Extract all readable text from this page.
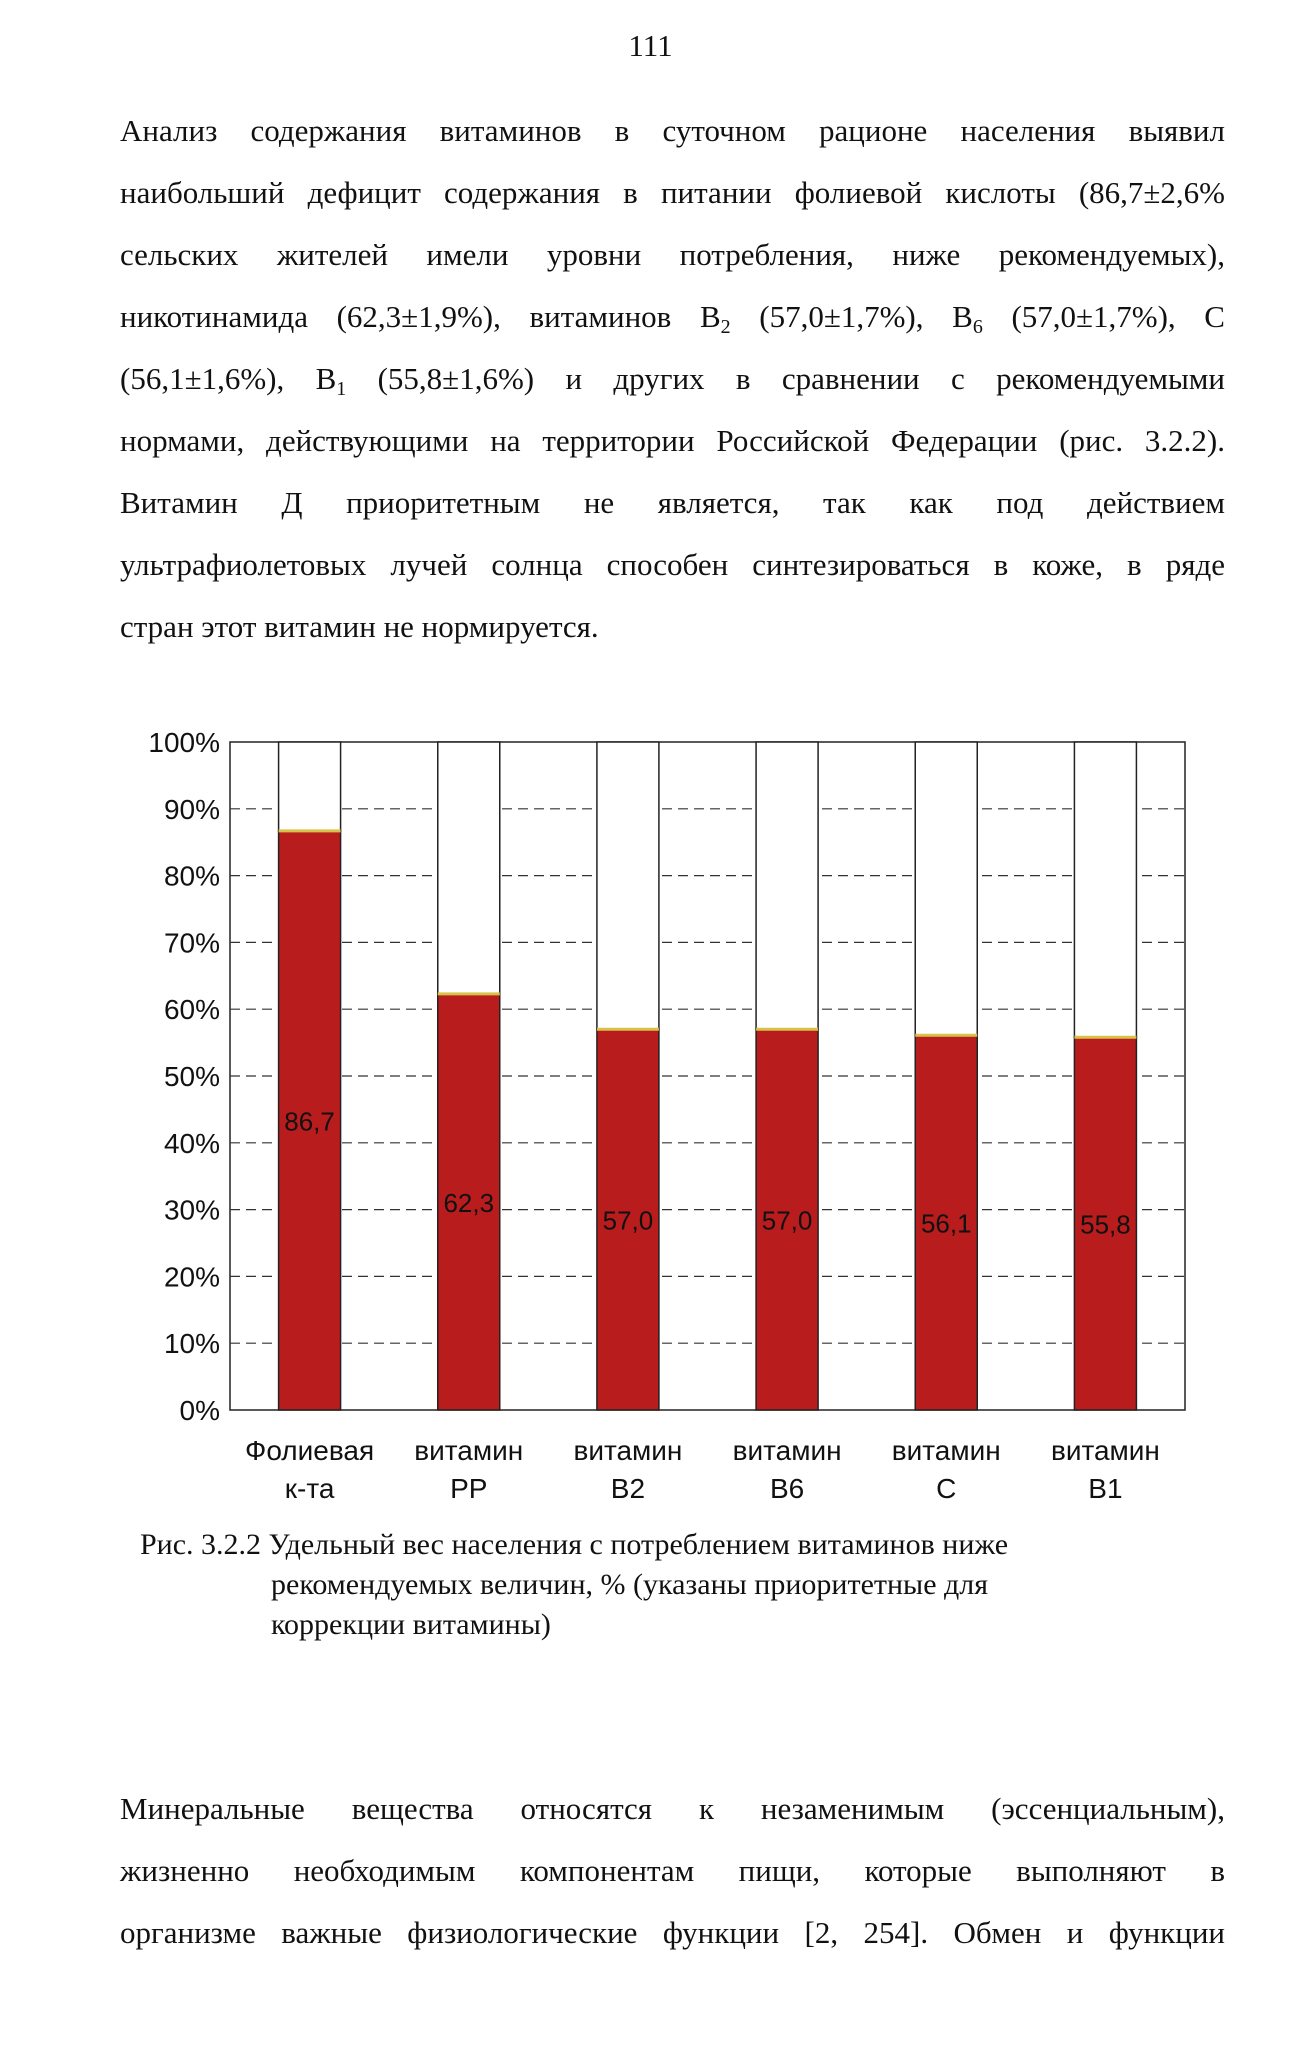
111
Анализ содержания витаминов в суточном рационе населения выявил
наибольший дефицит содержания в питании фолиевой кислоты (86,7±2,6%
сельских жителей имели уровни потребления, ниже рекомендуемых),
никотинамида (62,3±1,9%), витаминов $В_2$ (57,0±1,7%), $В_6$ (57,0±1,7%), С
(56,1±1,6%), $В_1$ (55,8±1,6%) и других в сравнении с рекомендуемыми
нормами, действующими на территории Российской Федерации (рис. 3.2.2).
Витамин Д приоритетным не является, так как под действием
ультрафиолетовых лучей солнца способен синтезироваться в коже, в ряде
стран этот витамин не нормируется.
86,7
62,3
57,0	57,0	56,1	55,8
0%
10%
20%
30%
40%
50%
60%
70%
80%
90%
100%
Фолиевая
к-та
витамин
PP
витамин
B2
витамин
B6
витамин
C
витамин
B1
Рис. 3.2.2 Удельный вес населения с потреблением витаминов ниже
рекомендуемых величин, % (указаны приоритетные для
коррекции витамины)
Минеральные вещества относятся к незаменимым (эссенциальным),
жизненно необходимым компонентам пищи, которые выполняют в
организме важные физиологические функции [2, 254]. Обмен и функции
